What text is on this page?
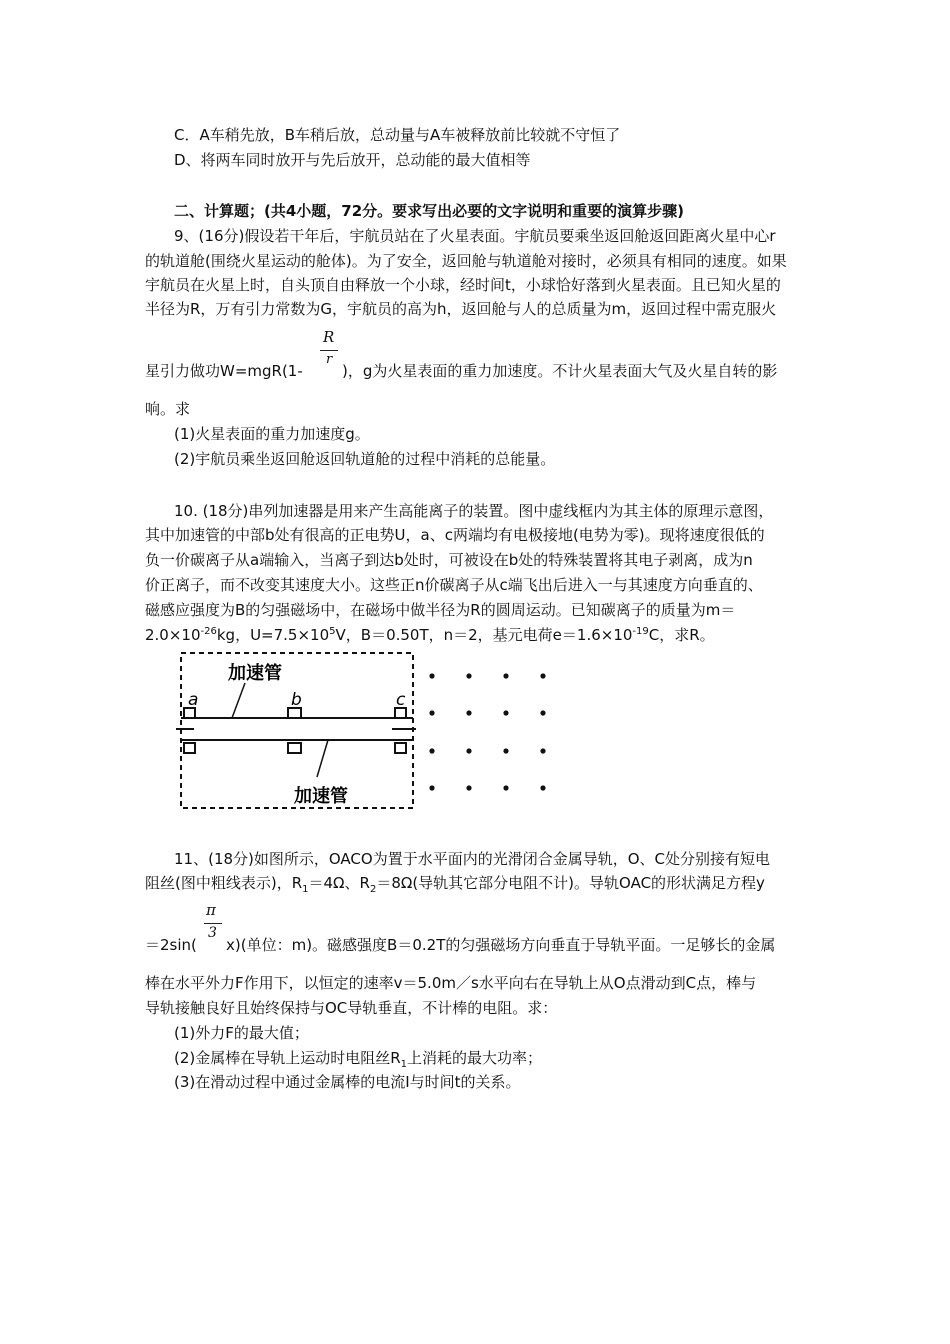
C．A车稍先放，B车稍后放，总动量与A车被释放前比较就不守恒了
D、将两车同时放开与先后放开，总动能的最大值相等
二、计算题；(共4小题，72分。要求写出必要的文字说明和重要的演算步骤)
9、(16分)假设若干年后，宇航员站在了火星表面。宇航员要乘坐返回舱返回距离火星中心r
的轨道舱(围绕火星运动的舱体)。为了安全，返回舱与轨道舱对接时，必须具有相同的速度。如果
宇航员在火星上时，自头顶自由释放一个小球，经时间t，小球恰好落到火星表面。且已知火星的
半径为R，万有引力常数为G，宇航员的高为h，返回舱与人的总质量为m，返回过程中需克服火
R
r
星引力做功W=mgR(1-	)，g为火星表面的重力加速度。不计火星表面大气及火星自转的影
响。求
(1)火星表面的重力加速度g。
(2)宇航员乘坐返回舱返回轨道舱的过程中消耗的总能量。
10. (18分)串列加速器是用来产生高能离子的装置。图中虚线框内为其主体的原理示意图，
其中加速管的中部b处有很高的正电势U，a、c两端均有电极接地(电势为零)。现将速度很低的
负一价碳离子从a端输入，当离子到达b处时，可被设在b处的特殊装置将其电子剥离，成为n
价正离子，而不改变其速度大小。这些正n价碳离子从c端飞出后进入一与其速度方向垂直的、
磁感应强度为B的匀强磁场中，在磁场中做半径为R的圆周运动。已知碳离子的质量为m＝
$2.0\times 10^{-26}kg$，$U=7.5\times 10^5V$，B＝0.50T，n＝2，基元电荷$e=1.6\times 10^{-19}C$，求R。
加速管
加速管
a	b	c
11、(18分)如图所示，OACO为置于水平面内的光滑闭合金属导轨，O、C处分别接有短电
阻丝(图中粗线表示)，$R_1=4\Omega$、$R_2=8\Omega$(导轨其它部分电阻不计)。导轨OAC的形状满足方程y
π
3
＝2sin( x)(单位：m)。磁感强度B＝0.2T的匀强磁场方向垂直于导轨平面。一足够长的金属
棒在水平外力F作用下，以恒定的速率v＝5.0m／s水平向右在导轨上从O点滑动到C点，棒与
导轨接触良好且始终保持与OC导轨垂直，不计棒的电阻。求：
(1)外力F的最大值；
(2)金属棒在导轨上运动时电阻丝$R_1$上消耗的最大功率；
(3)在滑动过程中通过金属棒的电流I与时间t的关系。
